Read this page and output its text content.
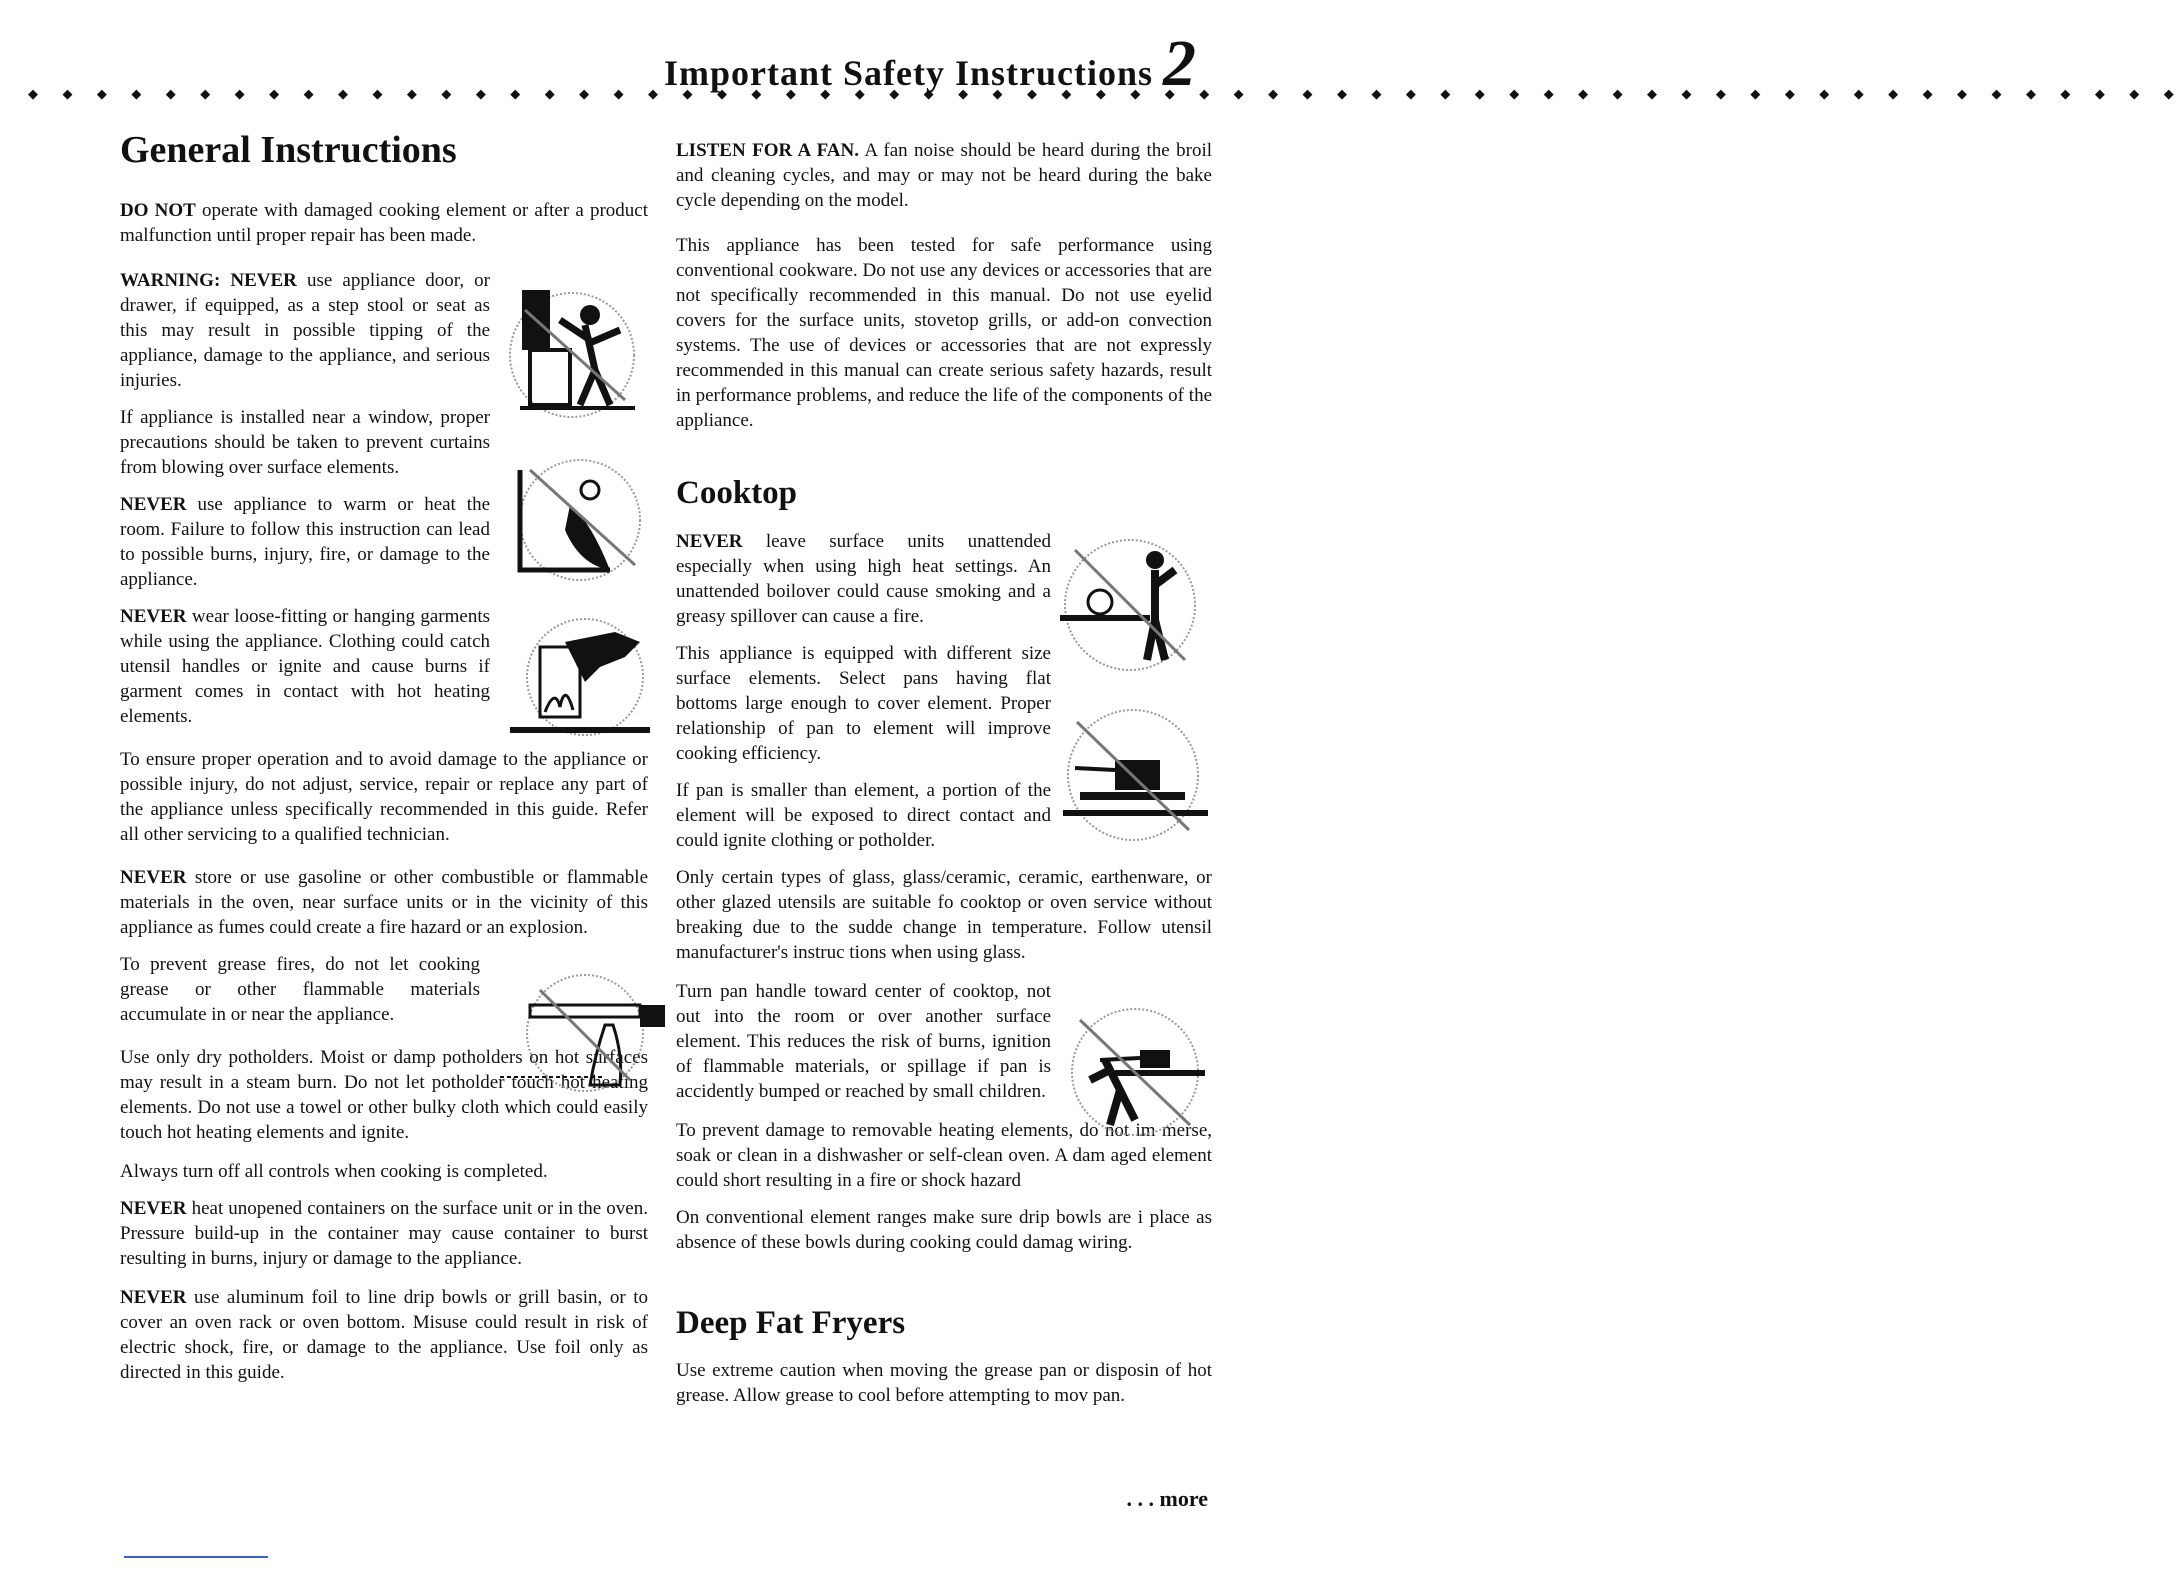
Important Safety Instructions 2
◆ ◆ ◆ ◆ ◆ ◆ ◆ ◆ ◆ ◆ ◆ ◆ ◆ ◆ ◆ ◆ ◆ ◆ ◆ ◆ ◆ ◆ ◆ ◆ ◆ ◆ ◆ ◆ ◆ ◆ ◆ ◆ ◆ ◆ ◆ ◆ ◆ ◆ ◆ ◆ ◆ ◆ ◆ ◆ ◆ ◆ ◆ ◆ ◆ ◆ ◆ ◆ ◆ ◆ ◆ ◆ ◆ ◆ ◆ ◆ ◆ ◆ ◆
General Instructions

DO NOT operate with damaged cooking element or after a product malfunction until proper repair has been made.

WARNING: NEVER use appliance door, or drawer, if equipped, as a step stool or seat as this may result in possible tipping of the appliance, damage to the appliance, and serious injuries.

If appliance is installed near a window, proper precautions should be taken to prevent curtains from blowing over surface elements.

NEVER use appliance to warm or heat the room. Failure to follow this instruction can lead to possible burns, injury, fire, or damage to the appliance.

NEVER wear loose-fitting or hanging garments while using the appliance. Clothing could catch utensil handles or ignite and cause burns if garment comes in contact with hot heating elements.

To ensure proper operation and to avoid damage to the appliance or possible injury, do not adjust, service, repair or replace any part of the appliance unless specifically recommended in this guide. Refer all other servicing to a qualified technician.

NEVER store or use gasoline or other combustible or flammable materials in the oven, near surface units or in the vicinity of this appliance as fumes could create a fire hazard or an explosion.

To prevent grease fires, do not let cooking grease or other flammable materials accumulate in or near the appliance.

Use only dry potholders. Moist or damp potholders on hot surfaces may result in a steam burn. Do not let potholder touch hot heating elements. Do not use a towel or other bulky cloth which could easily touch hot heating elements and ignite.

Always turn off all controls when cooking is completed.

NEVER heat unopened containers on the surface unit or in the oven. Pressure build-up in the container may cause container to burst resulting in burns, injury or damage to the appliance.

NEVER use aluminum foil to line drip bowls or grill basin, or to cover an oven rack or oven bottom. Misuse could result in risk of electric shock, fire, or damage to the appliance. Use foil only as directed in this guide.

LISTEN FOR A FAN. A fan noise should be heard during the broil and cleaning cycles, and may or may not be heard during the bake cycle depending on the model.

This appliance has been tested for safe performance using conventional cookware. Do not use any devices or accessories that are not specifically recommended in this manual. Do not use eyelid covers for the surface units, stovetop grills, or add-on convection systems. The use of devices or accessories that are not expressly recommended in this manual can create serious safety hazards, result in performance problems, and reduce the life of the components of the appliance.

Cooktop

NEVER leave surface units unattended especially when using high heat settings. An unattended boilover could cause smoking and a greasy spillover can cause a fire.

This appliance is equipped with different size surface elements. Select pans having flat bottoms large enough to cover element. Proper relationship of pan to element will improve cooking efficiency.

If pan is smaller than element, a portion of the element will be exposed to direct contact and could ignite clothing or potholder.

Only certain types of glass, glass/ceramic, ceramic, earthenware, or other glazed utensils are suitable fo cooktop or oven service without breaking due to the sudde change in temperature. Follow utensil manufacturer's instruc tions when using glass.

Turn pan handle toward center of cooktop, not out into the room or over another surface element. This reduces the risk of burns, ignition of flammable materials, or spillage if pan is accidently bumped or reached by small children.

To prevent damage to removable heating elements, do not im merse, soak or clean in a dishwasher or self-clean oven. A dam aged element could short resulting in a fire or shock hazard

On conventional element ranges make sure drip bowls are i place as absence of these bowls during cooking could damag wiring.

Deep Fat Fryers

Use extreme caution when moving the grease pan or disposin of hot grease. Allow grease to cool before attempting to mov pan.

. . . more
